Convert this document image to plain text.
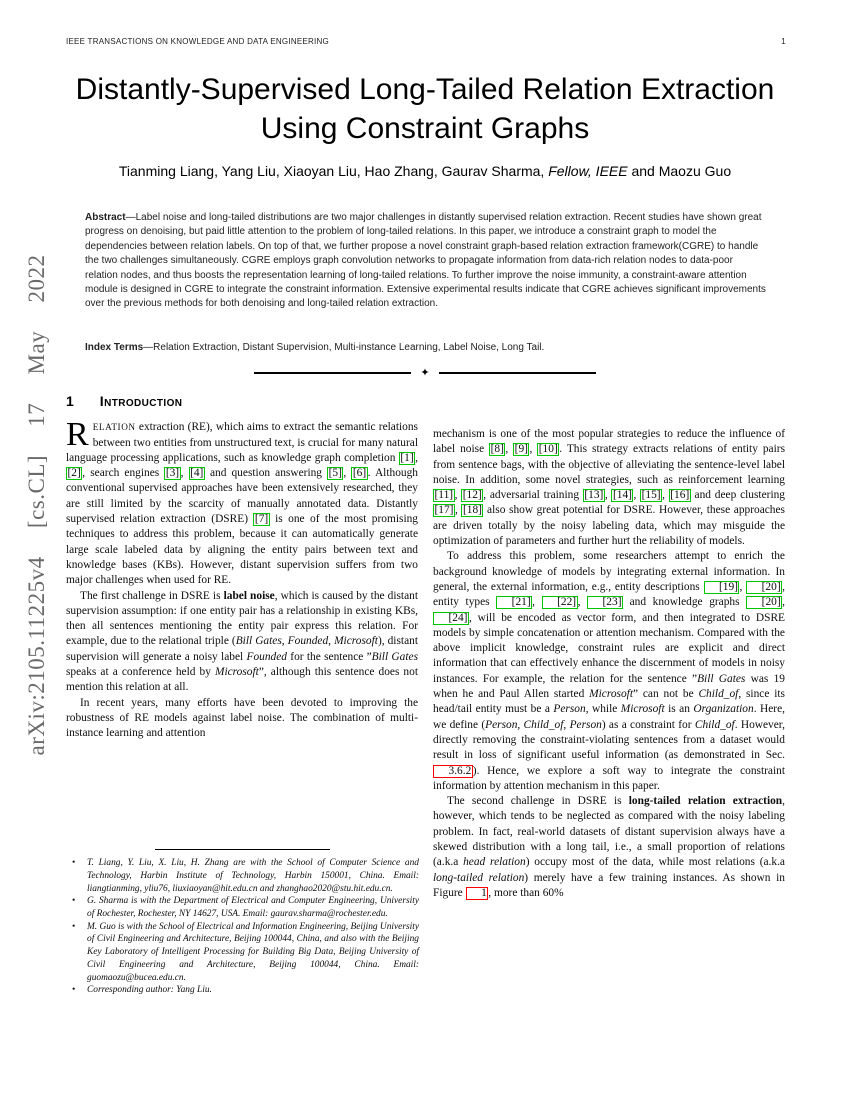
IEEE TRANSACTIONS ON KNOWLEDGE AND DATA ENGINEERING	1
arXiv:2105.11225v4 [cs.CL] 17 May 2022
Distantly-Supervised Long-Tailed Relation Extraction Using Constraint Graphs
Tianming Liang, Yang Liu, Xiaoyan Liu, Hao Zhang, Gaurav Sharma, Fellow, IEEE and Maozu Guo
Abstract—Label noise and long-tailed distributions are two major challenges in distantly supervised relation extraction. Recent studies have shown great progress on denoising, but paid little attention to the problem of long-tailed relations. In this paper, we introduce a constraint graph to model the dependencies between relation labels. On top of that, we further propose a novel constraint graph-based relation extraction framework(CGRE) to handle the two challenges simultaneously. CGRE employs graph convolution networks to propagate information from data-rich relation nodes to data-poor relation nodes, and thus boosts the representation learning of long-tailed relations. To further improve the noise immunity, a constraint-aware attention module is designed in CGRE to integrate the constraint information. Extensive experimental results indicate that CGRE achieves significant improvements over the previous methods for both denoising and long-tailed relation extraction.
Index Terms—Relation Extraction, Distant Supervision, Multi-instance Learning, Label Noise, Long Tail.
✦
1 Introduction

RELATION extraction (RE), which aims to extract the semantic relations between two entities from unstructured text, is crucial for many natural language processing applications, such as knowledge graph completion [1] , [2] , search engines [3] , [4] and question answering [5] , [6] . Although conventional supervised approaches have been extensively researched, they are still limited by the scarcity of manually annotated data. Distantly supervised relation extraction (DSRE) [7] is one of the most promising techniques to address this problem, because it can automatically generate large scale labeled data by aligning the entity pairs between text and knowledge bases (KBs). However, distant supervision suffers from two major challenges when used for RE.

The first challenge in DSRE is label noise, which is caused by the distant supervision assumption: if one entity pair has a relationship in existing KBs, then all sentences mentioning the entity pair express this relation. For example, due to the relational triple (Bill Gates, Founded, Microsoft), distant supervision will generate a noisy label Founded for the sentence ”Bill Gates speaks at a conference held by Microsoft”, although this sentence does not mention this relation at all.

In recent years, many efforts have been devoted to improving the robustness of RE models against label noise. The combination of multi-instance learning and attention

mechanism is one of the most popular strategies to reduce the influence of label noise [8] , [9] , [10] . This strategy extracts relations of entity pairs from sentence bags, with the objective of alleviating the sentence-level label noise. In addition, some novel strategies, such as reinforcement learning [11] , [12] , adversarial training [13] , [14] , [15] , [16] and deep clustering [17] , [18] also show great potential for DSRE. However, these approaches are driven totally by the noisy labeling data, which may misguide the optimization of parameters and further hurt the reliability of models.

To address this problem, some researchers attempt to enrich the background knowledge of models by integrating external information. In general, the external information, e.g., entity descriptions [19] , [20] , entity types [21] , [22] , [23] and knowledge graphs [20] , [24] , will be encoded as vector form, and then integrated to DSRE models by simple concatenation or attention mechanism. Compared with the above implicit knowledge, constraint rules are explicit and direct information that can effectively enhance the discernment of models in noisy instances. For example, the relation for the sentence ”Bill Gates was 19 when he and Paul Allen started Microsoft” can not be Child_of, since its head/tail entity must be a Person, while Microsoft is an Organization. Here, we define (Person, Child_of, Person) as a constraint for Child_of. However, directly removing the constraint-violating sentences from a dataset would result in loss of significant useful information (as demonstrated in Sec. 3.6.2 ). Hence, we explore a soft way to integrate the constraint information by attention mechanism in this paper.

The second challenge in DSRE is long-tailed relation extraction, however, which tends to be neglected as compared with the noisy labeling problem. In fact, real-world datasets of distant supervision always have a skewed distribution with a long tail, i.e., a small proportion of relations (a.k.a head relation) occupy most of the data, while most relations (a.k.a long-tailed relation) merely have a few training instances. As shown in Figure 1 , more than 60%

• T. Liang, Y. Liu, X. Liu, H. Zhang are with the School of Computer Science and Technology, Harbin Institute of Technology, Harbin 150001, China. Email: liangtianming, yliu76, liuxiaoyan@hit.edu.cn and zhanghao2020@stu.hit.edu.cn.
• G. Sharma is with the Department of Electrical and Computer Engineering, University of Rochester, Rochester, NY 14627, USA. Email: gaurav.sharma@rochester.edu.
• M. Guo is with the School of Electrical and Information Engineering, Beijing University of Civil Engineering and Architecture, Beijing 100044, China, and also with the Beijing Key Laboratory of Intelligent Processing for Building Big Data, Beijing University of Civil Engineering and Architecture, Beijing 100044, China. Email: guomaozu@bucea.edu.cn.
• Corresponding author: Yang Liu.
